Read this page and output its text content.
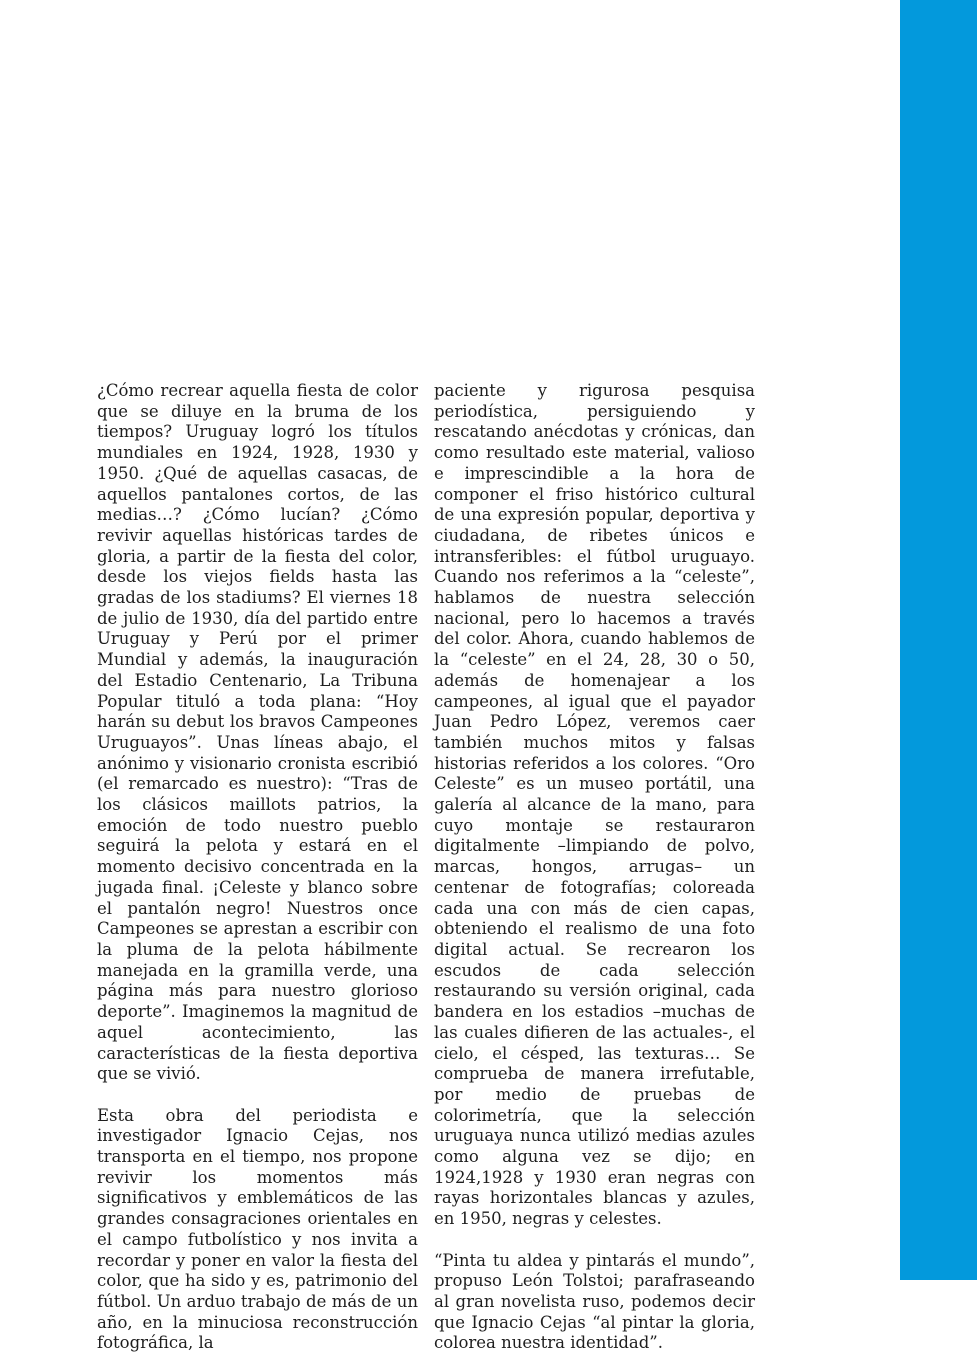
¿Cómo recrear aquella fiesta de color que se diluye en la bruma de los tiempos? Uruguay logró los títulos mundiales en 1924, 1928, 1930 y 1950. ¿Qué de aquellas casacas, de aquellos pantalones cortos, de las medias…? ¿Cómo lucían? ¿Cómo revivir aquellas históricas tardes de gloria, a partir de la fiesta del color, desde los viejos fields hasta las gradas de los stadiums? El viernes 18 de julio de 1930, día del partido entre Uruguay y Perú por el primer Mundial y además, la inauguración del Estadio Centenario, La Tribuna Popular tituló a toda plana: “Hoy harán su debut los bravos Campeones Uruguayos”. Unas líneas abajo, el anónimo y visionario cronista escribió (el remarcado es nuestro): “Tras de los clásicos maillots patrios, la emoción de todo nuestro pueblo seguirá la pelota y estará en el momento decisivo concentrada en la jugada final. ¡Celeste y blanco sobre el pantalón negro! Nuestros once Campeones se aprestan a escribir con la pluma de la pelota hábilmente manejada en la gramilla verde, una página más para nuestro glorioso deporte”. Imaginemos la magnitud de aquel acontecimiento, las características de la fiesta deportiva que se vivió.

Esta obra del periodista e investigador Ignacio Cejas, nos transporta en el tiempo, nos propone revivir los momentos más significativos y emblemáticos de las grandes consagraciones orientales en el campo futbolístico y nos invita a recordar y poner en valor la fiesta del color, que ha sido y es, patrimonio del fútbol. Un arduo trabajo de más de un año, en la minuciosa reconstrucción fotográfica, la

paciente y rigurosa pesquisa periodística, persiguiendo y rescatando anécdotas y crónicas, dan como resultado este material, valioso e imprescindible a la hora de componer el friso histórico cultural de una expresión popular, deportiva y ciudadana, de ribetes únicos e intransferibles: el fútbol uruguayo. Cuando nos referimos a la “celeste”, hablamos de nuestra selección nacional, pero lo hacemos a través del color. Ahora, cuando hablemos de la “celeste” en el 24, 28, 30 o 50, además de homenajear a los campeones, al igual que el payador Juan Pedro López, veremos caer también muchos mitos y falsas historias referidos a los colores. “Oro Celeste” es un museo portátil, una galería al alcance de la mano, para cuyo montaje se restauraron digitalmente –limpiando de polvo, marcas, hongos, arrugas– un centenar de fotografías; coloreada cada una con más de cien capas, obteniendo el realismo de una foto digital actual. Se recrearon los escudos de cada selección restaurando su versión original, cada bandera en los estadios –muchas de las cuales difieren de las actuales-, el cielo, el césped, las texturas… Se comprueba de manera irrefutable, por medio de pruebas de colorimetría, que la selección uruguaya nunca utilizó medias azules como alguna vez se dijo; en 1924,1928 y 1930 eran negras con rayas horizontales blancas y azules, en 1950, negras y celestes.

“Pinta tu aldea y pintarás el mundo”, propuso León Tolstoi; parafraseando al gran novelista ruso, podemos decir que Ignacio Cejas “al pintar la gloria, colorea nuestra identidad”.
